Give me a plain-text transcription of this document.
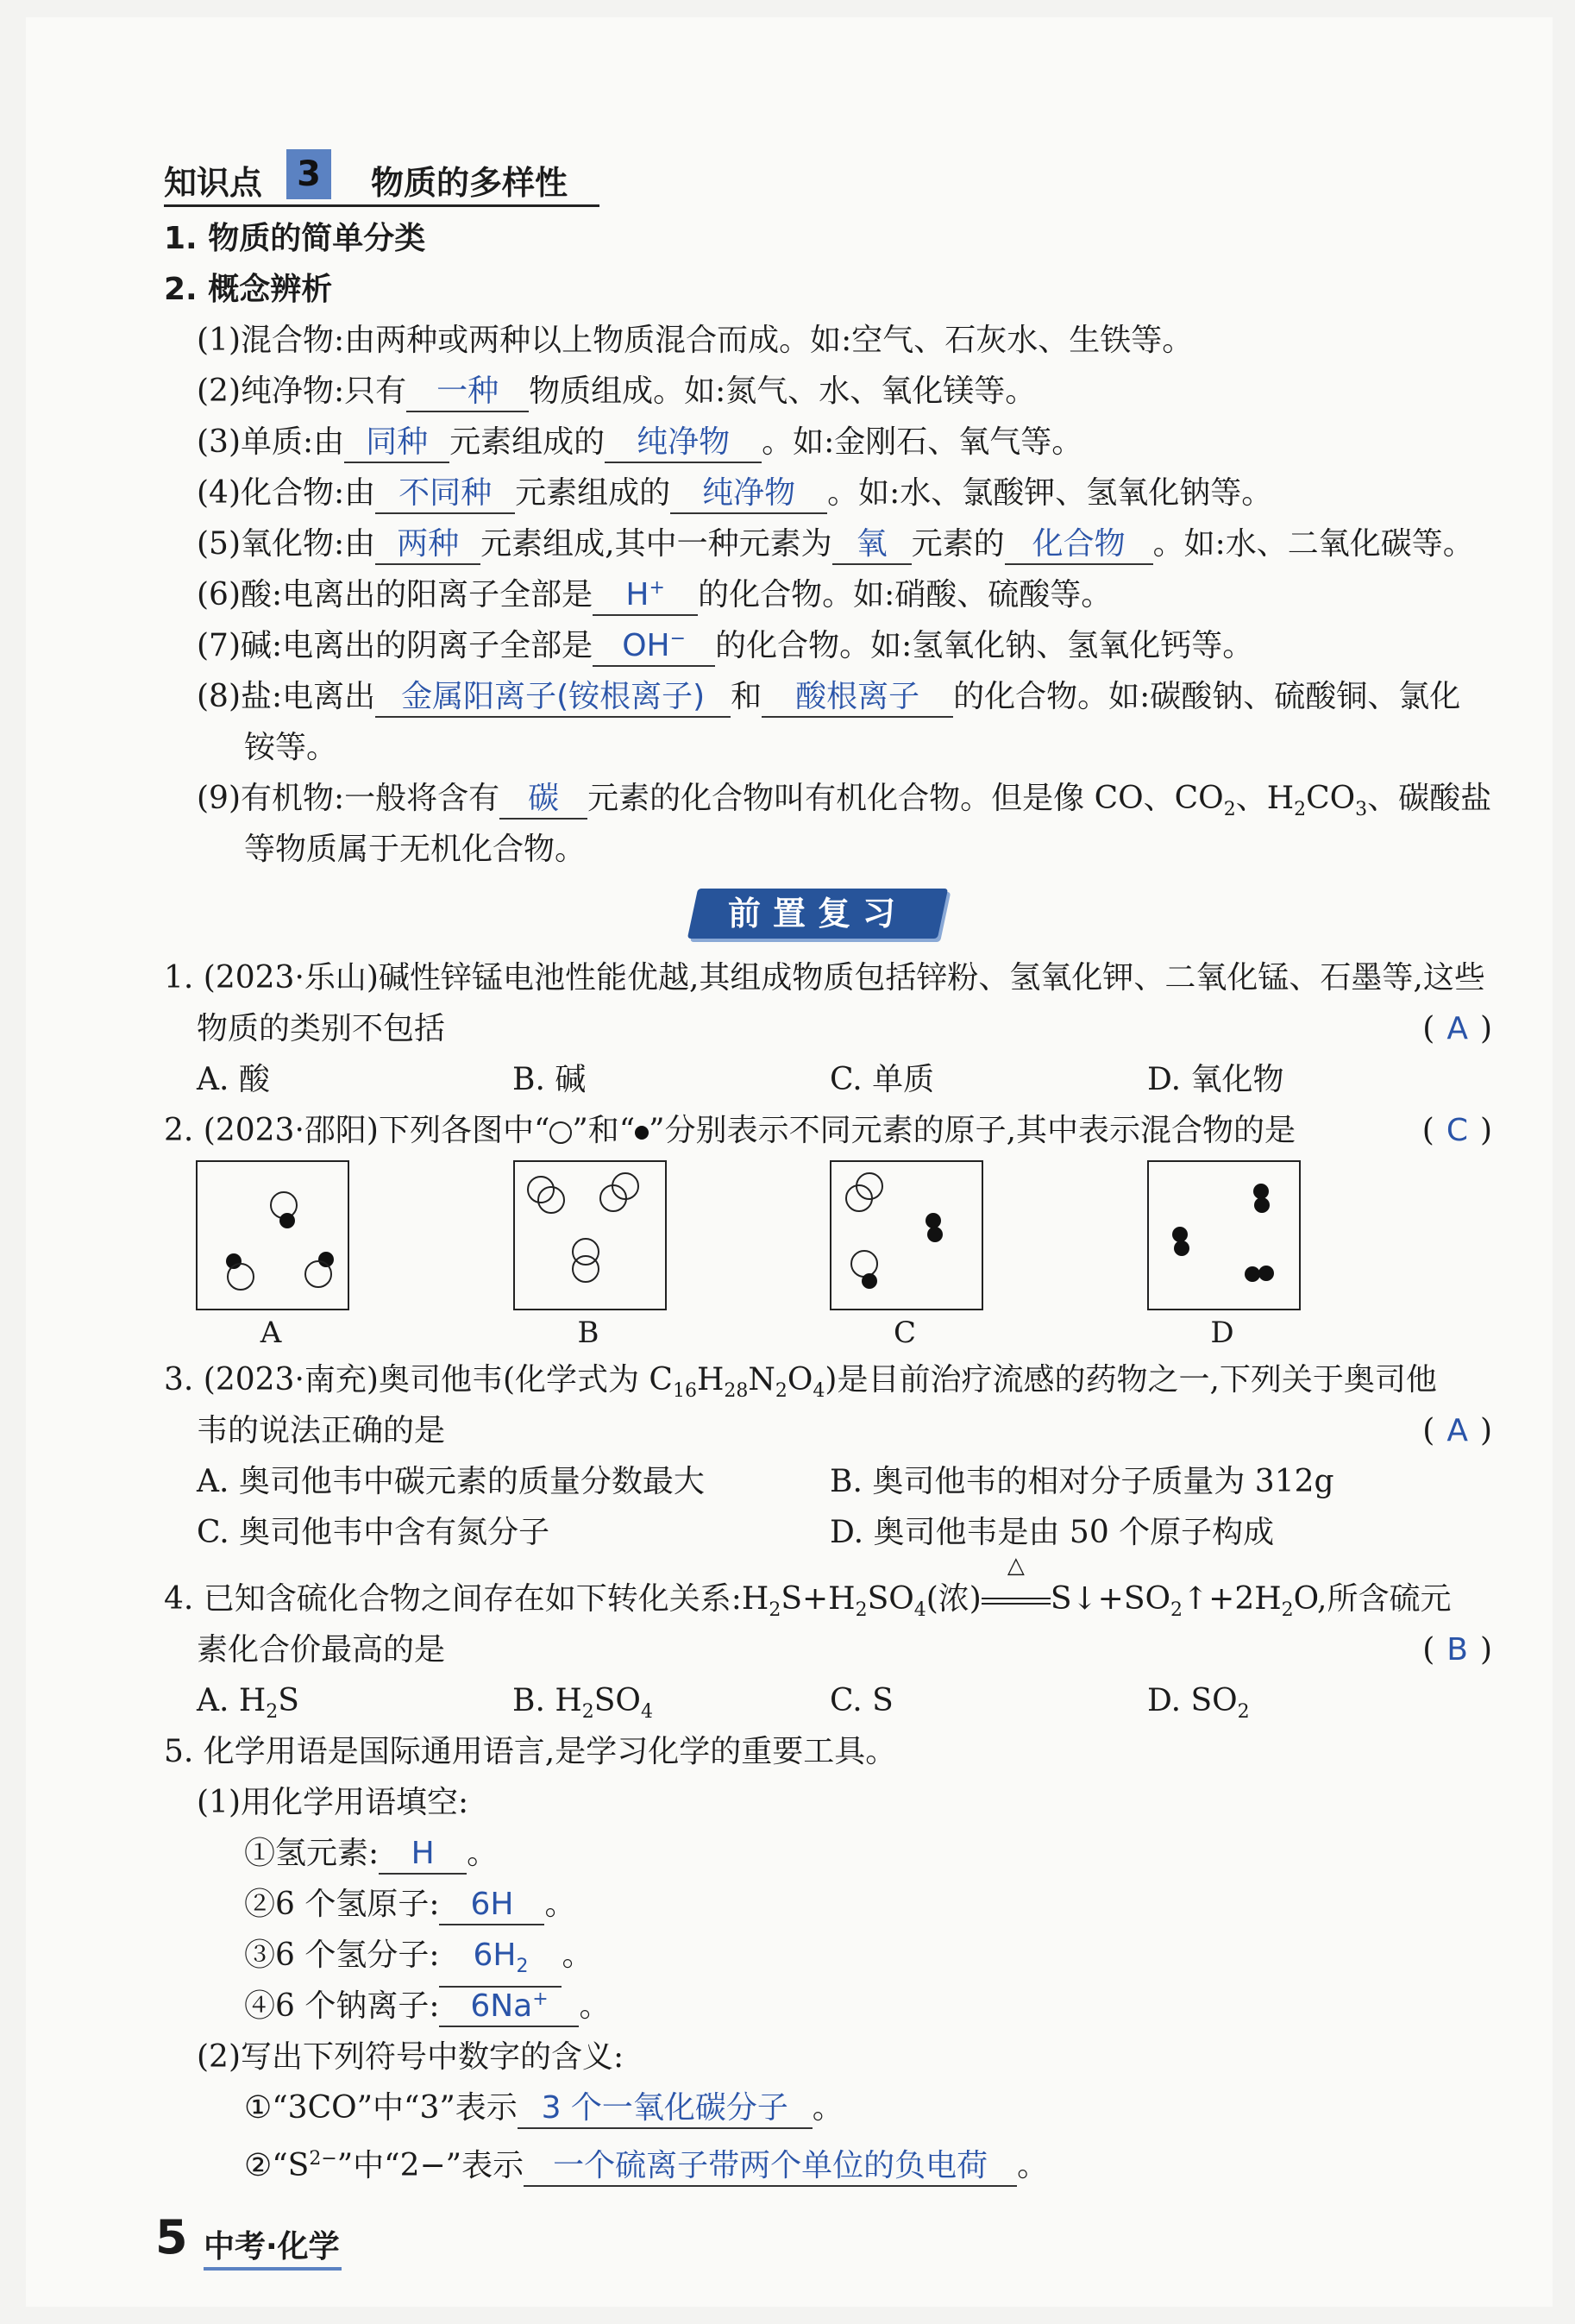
知识点	3	物质的多样性
1. 物质的简单分类
2. 概念辨析
(1)混合物:由两种或两种以上物质混合而成。如:空气、石灰水、生铁等。
(2)纯净物:只有 一种 物质组成。如:氮气、水、氧化镁等。
(3)单质:由 同种 元素组成的 纯净物 。如:金刚石、氧气等。
(4)化合物:由 不同种 元素组成的 纯净物 。如:水、氯酸钾、氢氧化钠等。
(5)氧化物:由 两种 元素组成,其中一种元素为 氧 元素的 化合物 。如:水、二氧化碳等。
(6)酸:电离出的阳离子全部是 H+ 的化合物。如:硝酸、硫酸等。
(7)碱:电离出的阴离子全部是 OH− 的化合物。如:氢氧化钠、氢氧化钙等。
(8)盐:电离出 金属阳离子(铵根离子) 和 酸根离子 的化合物。如:碳酸钠、硫酸铜、氯化
铵等。
(9)有机物:一般将含有 碳 元素的化合物叫有机化合物。但是像 CO、$CO_2$、$H_2CO_3$、碳酸盐
等物质属于无机化合物。
前置复习
1. (2023·乐山)碱性锌锰电池性能优越,其组成物质包括锌粉、氢氧化钾、二氧化锰、石墨等,这些
物质的类别不包括	( A )
A. 酸	B. 碱	C. 单质	D. 氧化物
2. (2023·邵阳)下列各图中“ ”和“ ”分别表示不同元素的原子,其中表示混合物的是	( C )
A	B	C	D
3. (2023·南充)奥司他韦(化学式为 $C_{16}H_{28}N_2O_4$)是目前治疗流感的药物之一,下列关于奥司他
韦的说法正确的是	( A )
A. 奥司他韦中碳元素的质量分数最大	B. 奥司他韦的相对分子质量为 312g
C. 奥司他韦中含有氮分子	D. 奥司他韦是由 50 个原子构成
4. 已知含硫化合物之间存在如下转化关系$:H_2S+H_2SO_4$(浓)
△
$S↓+SO_2↑+2H_2O$,所含硫元
素化合价最高的是	( B )
A. $H_2S$	B. $H_2SO_4$	C. S	D. $SO_2$
5. 化学用语是国际通用语言,是学习化学的重要工具。
(1)用化学用语填空:
①氢元素: H 。
②6 个氢原子: 6H 。
③6 个氢分子: $6H_2$ 。
④6 个钠离子: 6Na+ 。
(2)写出下列符号中数字的含义:
①“3CO”中“3”表示 3 个一氧化碳分子 。
$②“S^{2-}$”中“2−”表示 一个硫离子带两个单位的负电荷 。
5 中考·化学
